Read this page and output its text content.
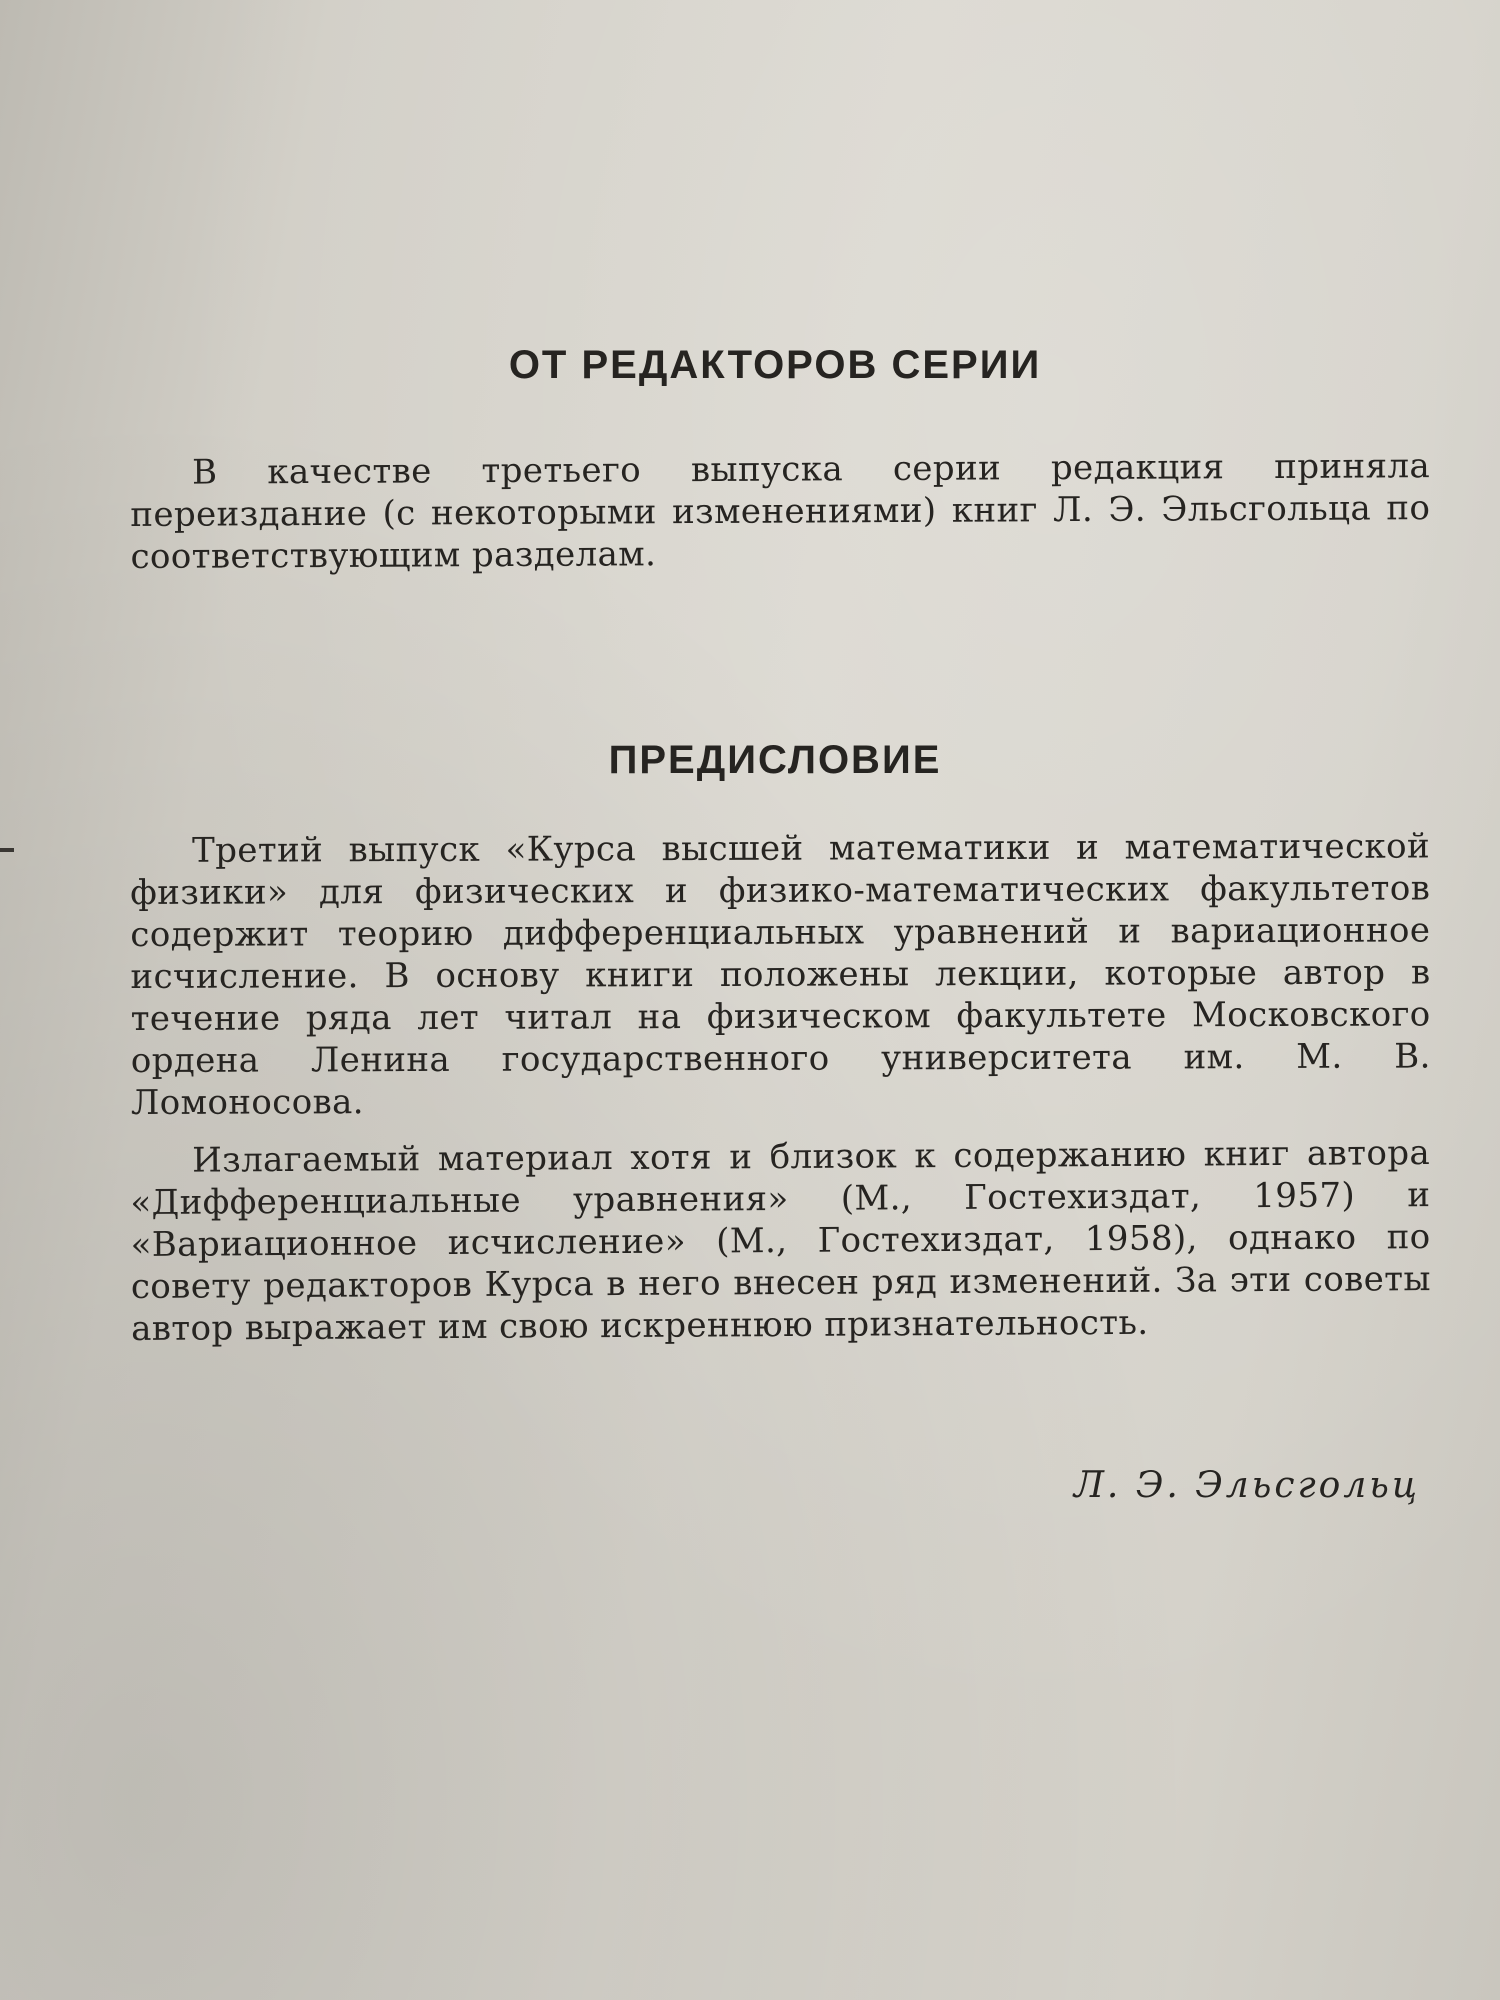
ОТ РЕДАКТОРОВ СЕРИИ

В качестве третьего выпуска серии редакция приняла переиздание (с некоторыми изменениями) книг Л. Э. Эльсгольца по соответствующим разделам.

ПРЕДИСЛОВИЕ

Третий выпуск «Курса высшей математики и математической физики» для физических и физико-математических факультетов содержит теорию дифференциальных уравнений и вариационное исчисление. В основу книги положены лекции, которые автор в течение ряда лет читал на физическом факультете Московского ордена Ленина государственного университета им. М. В. Ломоносова.

Излагаемый материал хотя и близок к содержанию книг автора «Дифференциальные уравнения» (М., Гостехиздат, 1957) и «Вариационное исчисление» (М., Гостехиздат, 1958), однако по совету редакторов Курса в него внесен ряд изменений. За эти советы автор выражает им свою искреннюю признательность.

Л. Э. Эльсгольц
